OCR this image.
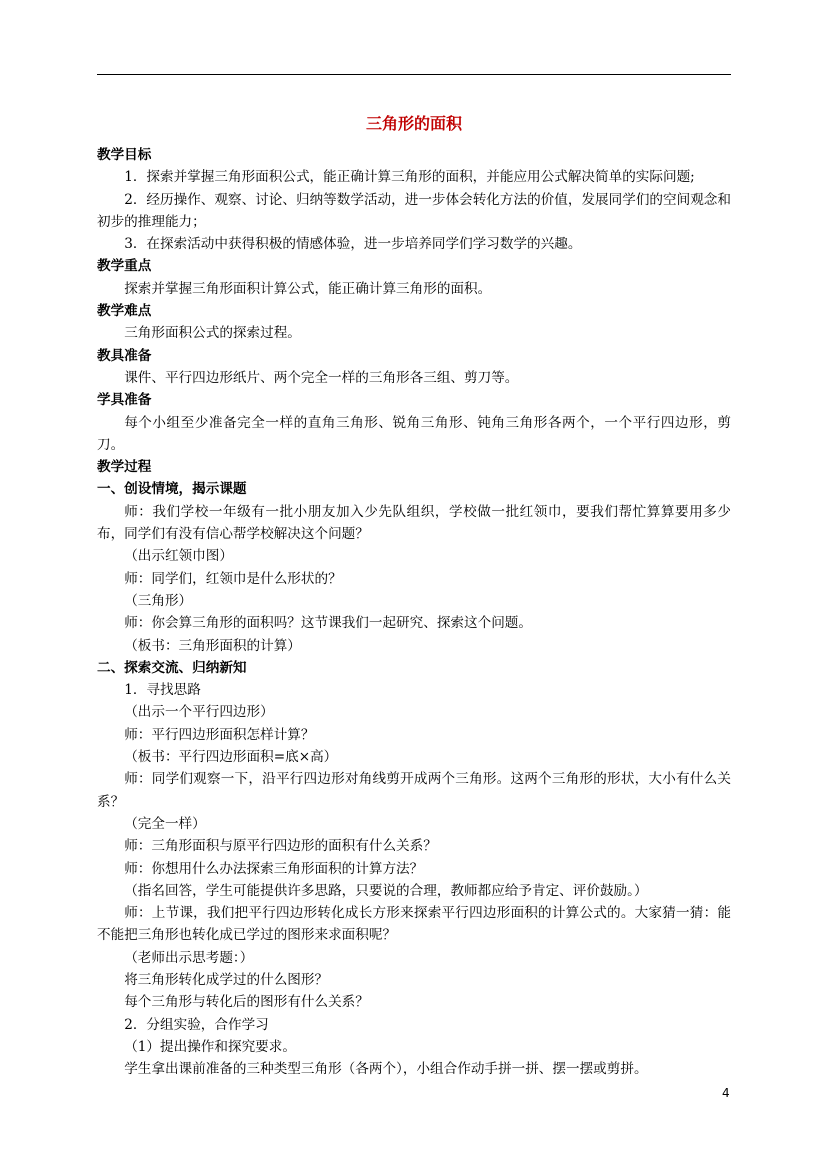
三角形的面积

教学目标

1．探索并掌握三角形面积公式，能正确计算三角形的面积，并能应用公式解决简单的实际问题;

2．经历操作、观察、讨论、归纳等数学活动，进一步体会转化方法的价值，发展同学们的空间观念和初步的推理能力；

3．在探索活动中获得积极的情感体验，进一步培养同学们学习数学的兴趣。

教学重点

探索并掌握三角形面积计算公式，能正确计算三角形的面积。

教学难点

三角形面积公式的探索过程。

教具准备

课件、平行四边形纸片、两个完全一样的三角形各三组、剪刀等。

学具准备

每个小组至少准备完全一样的直角三角形、锐角三角形、钝角三角形各两个，一个平行四边形，剪刀。

教学过程

一、创设情境，揭示课题

师：我们学校一年级有一批小朋友加入少先队组织，学校做一批红领巾，要我们帮忙算算要用多少布，同学们有没有信心帮学校解决这个问题？

（出示红领巾图）

师：同学们，红领巾是什么形状的？

（三角形）

师：你会算三角形的面积吗？这节课我们一起研究、探索这个问题。

（板书：三角形面积的计算）

二、探索交流、归纳新知

1．寻找思路

（出示一个平行四边形）

师：平行四边形面积怎样计算？

（板书：平行四边形面积=底×高）

师：同学们观察一下，沿平行四边形对角线剪开成两个三角形。这两个三角形的形状，大小有什么关系？

（完全一样）

师：三角形面积与原平行四边形的面积有什么关系？

师：你想用什么办法探索三角形面积的计算方法？

（指名回答，学生可能提供许多思路，只要说的合理，教师都应给予肯定、评价鼓励。）

师：上节课，我们把平行四边形转化成长方形来探索平行四边形面积的计算公式的。大家猜一猜：能不能把三角形也转化成已学过的图形来求面积呢？

（老师出示思考题：）

将三角形转化成学过的什么图形？

每个三角形与转化后的图形有什么关系？

2．分组实验，合作学习

（1）提出操作和探究要求。

学生拿出课前准备的三种类型三角形（各两个），小组合作动手拼一拼、摆一摆或剪拼。

4
